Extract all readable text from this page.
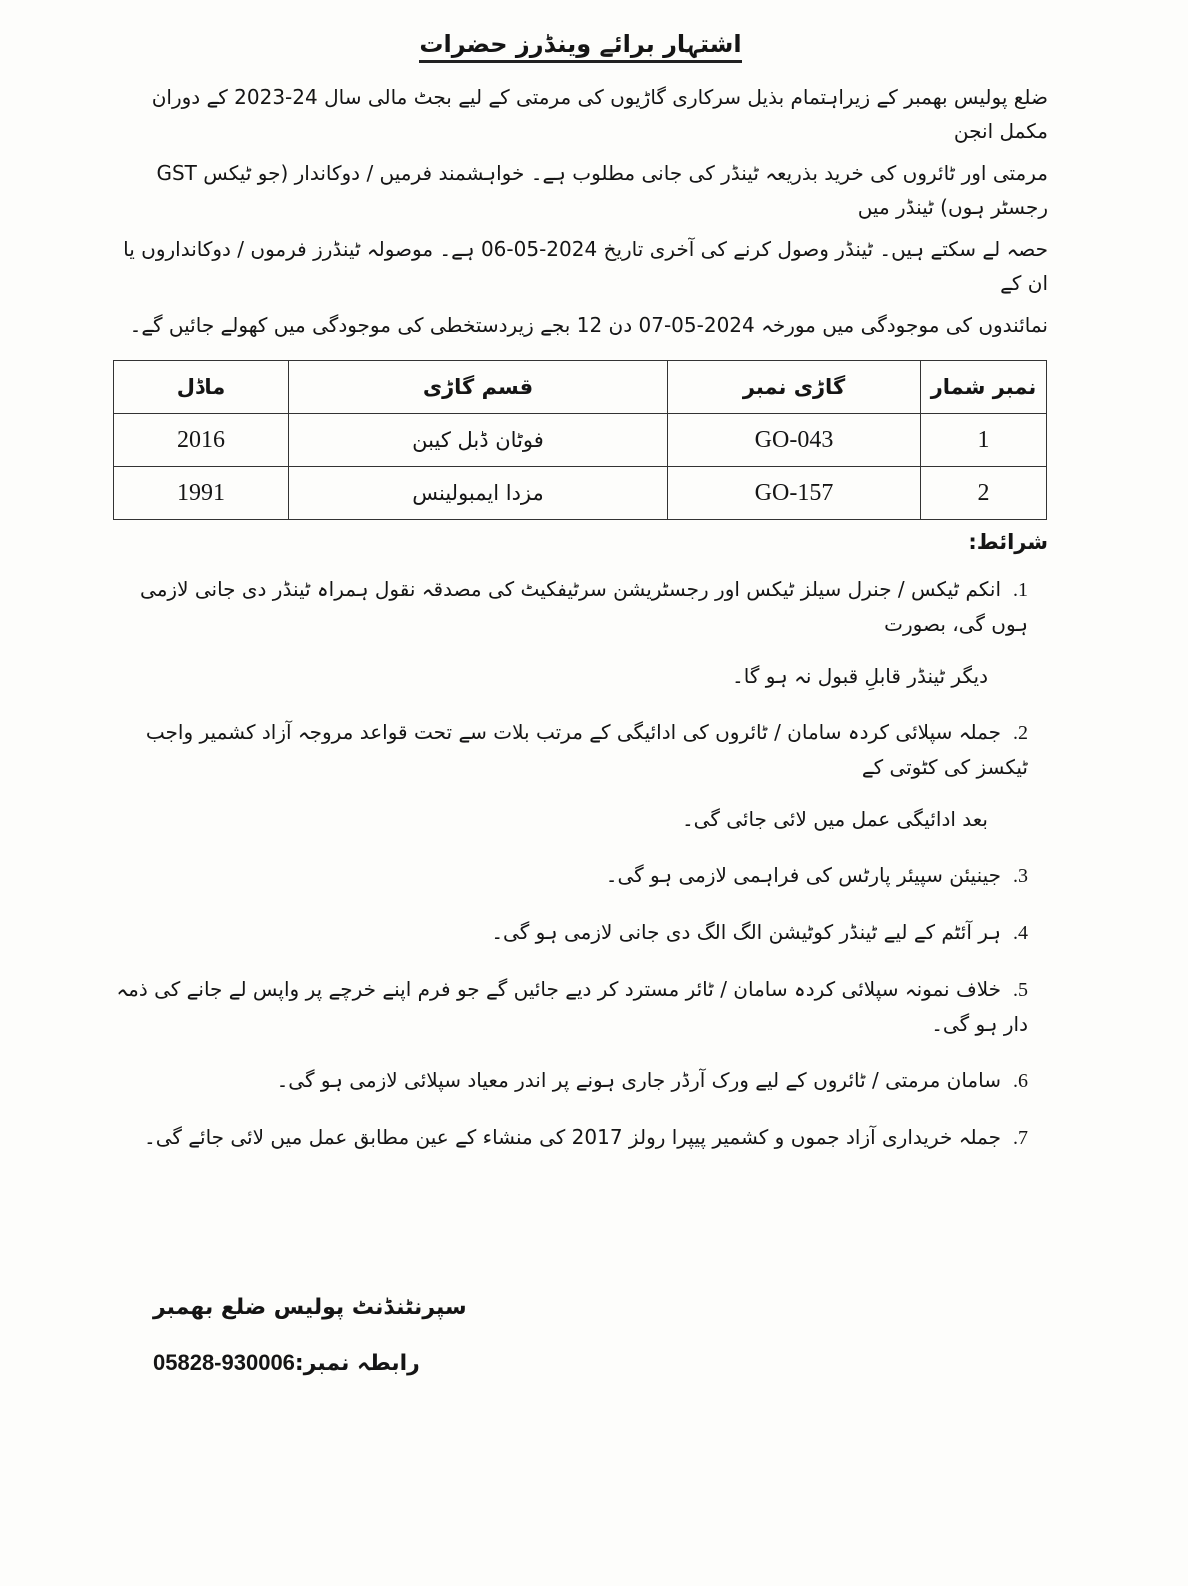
اشتہار برائے وینڈرز حضرات
ضلع پولیس بھمبر کے زیراہتمام بذیل سرکاری گاڑیوں کی مرمتی کے لیے بجٹ مالی سال 24-2023 کے دوران مکمل انجن
مرمتی اور ٹائروں کی خرید بذریعہ ٹینڈر کی جانی مطلوب ہے۔ خواہشمند فرمیں / دوکاندار (جو ٹیکس GST رجسٹر ہوں) ٹینڈر میں
حصہ لے سکتے ہیں۔ ٹینڈر وصول کرنے کی آخری تاریخ 2024-05-06 ہے۔ موصولہ ٹینڈرز فرموں / دوکانداروں یا ان کے
نمائندوں کی موجودگی میں مورخہ 2024-05-07 دن 12 بجے زیردستخطی کی موجودگی میں کھولے جائیں گے۔
نمبر شمار	گاڑی نمبر	قسم گاڑی	ماڈل
1	GO-043	فوٹان ڈبل کیبن	2016
2	GO-157	مزدا ایمبولینس	1991
شرائط:
1.انکم ٹیکس / جنرل سیلز ٹیکس اور رجسٹریشن سرٹیفکیٹ کی مصدقہ نقول ہمراہ ٹینڈر دی جانی لازمی ہوں گی، بصورت
دیگر ٹینڈر قابلِ قبول نہ ہو گا۔
2.جملہ سپلائی کردہ سامان / ٹائروں کی ادائیگی کے مرتب بلات سے تحت قواعد مروجہ آزاد کشمیر واجب ٹیکسز کی کٹوتی کے
بعد ادائیگی عمل میں لائی جائی گی۔
3.جینیئن سپیئر پارٹس کی فراہمی لازمی ہو گی۔
4.ہر آئٹم کے لیے ٹینڈر کوٹیشن الگ الگ دی جانی لازمی ہو گی۔
5.خلاف نمونہ سپلائی کردہ سامان / ٹائر مسترد کر دیے جائیں گے جو فرم اپنے خرچے پر واپس لے جانے کی ذمہ دار ہو گی۔
6.سامان مرمتی / ٹائروں کے لیے ورک آرڈر جاری ہونے پر اندر معیاد سپلائی لازمی ہو گی۔
7.جملہ خریداری آزاد جموں و کشمیر پیپرا رولز 2017 کی منشاء کے عین مطابق عمل میں لائی جائے گی۔
سپرنٹنڈنٹ پولیس ضلع بھمبر
05828-930006رابطہ نمبر:
